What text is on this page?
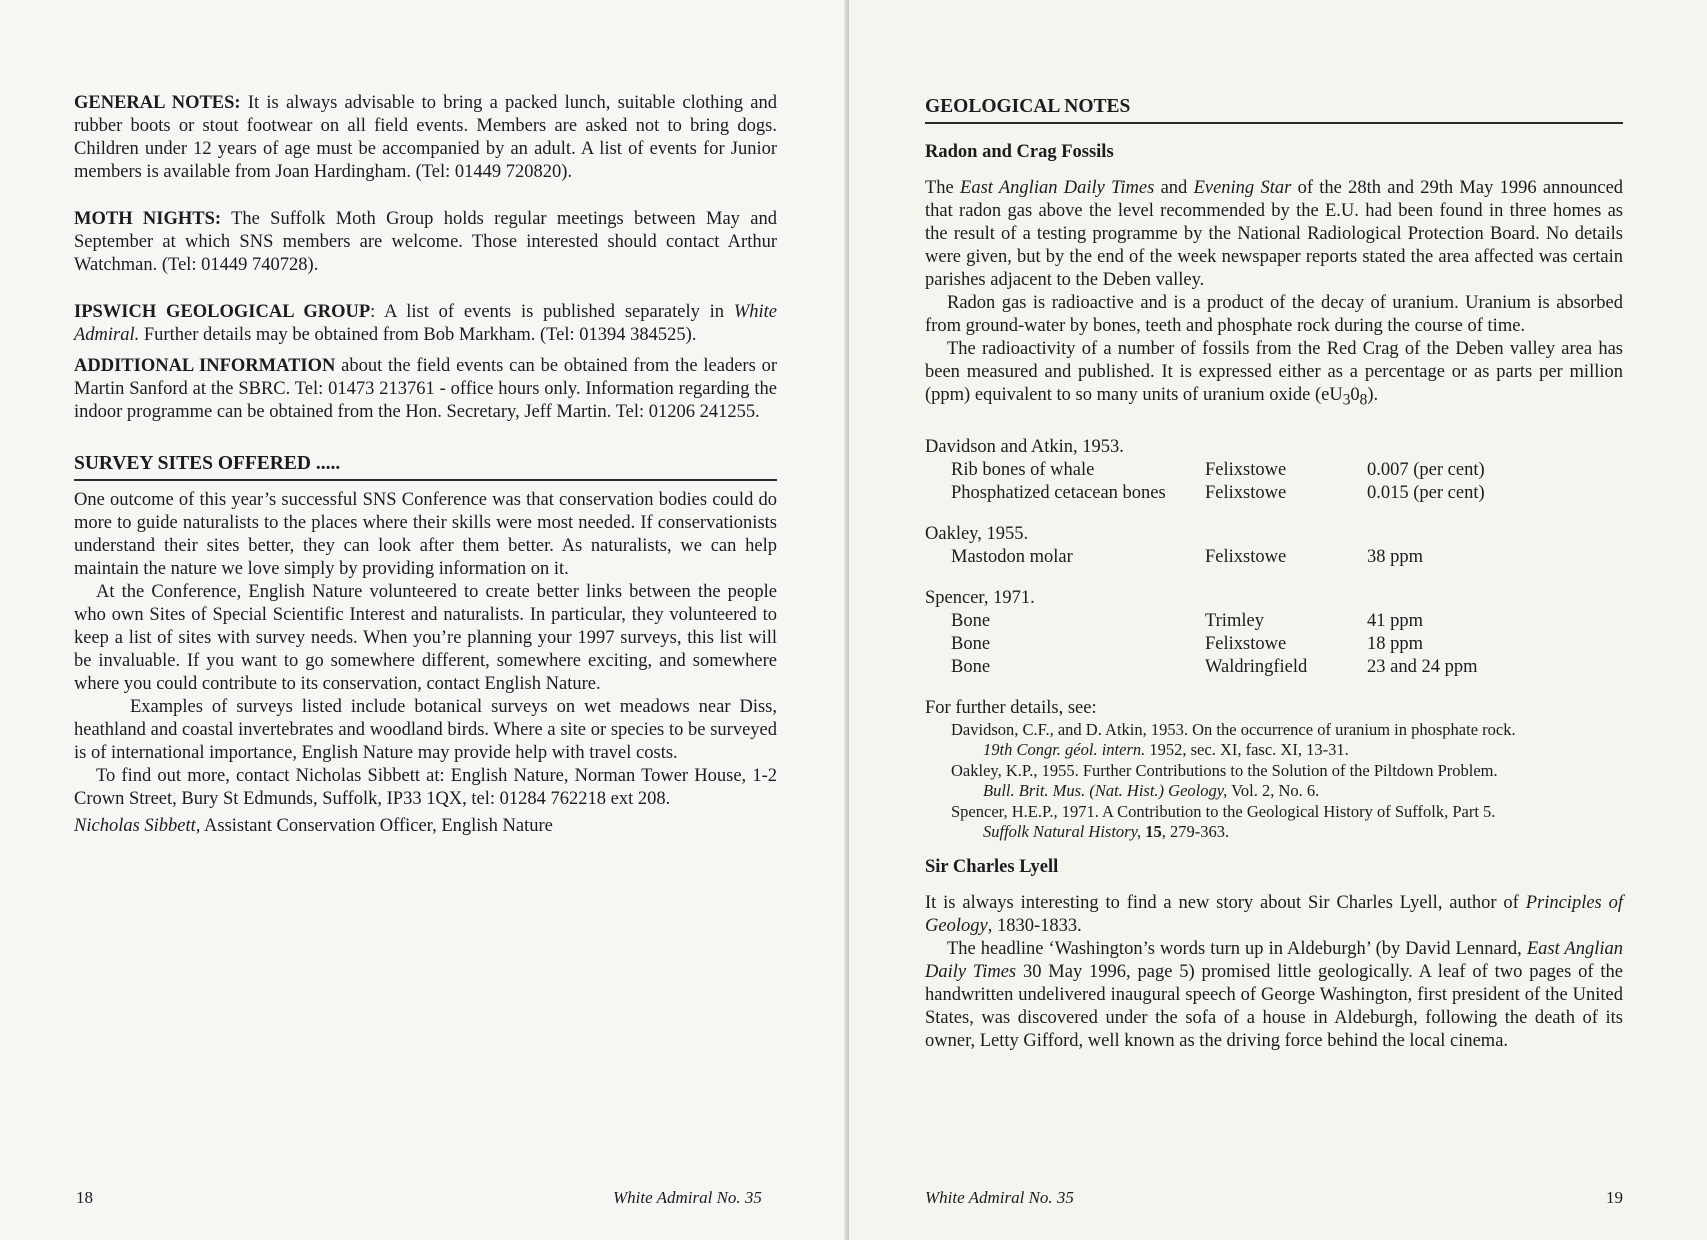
GENERAL NOTES: It is always advisable to bring a packed lunch, suitable clothing and rubber boots or stout footwear on all field events. Members are asked not to bring dogs. Children under 12 years of age must be accompanied by an adult. A list of events for Junior members is available from Joan Hardingham. (Tel: 01449 720820).

MOTH NIGHTS: The Suffolk Moth Group holds regular meetings between May and September at which SNS members are welcome. Those interested should contact Arthur Watchman. (Tel: 01449 740728).

IPSWICH GEOLOGICAL GROUP: A list of events is published separately in White Admiral. Further details may be obtained from Bob Markham. (Tel: 01394 384525).

ADDITIONAL INFORMATION about the field events can be obtained from the leaders or Martin Sanford at the SBRC. Tel: 01473 213761 - office hours only. Information regarding the indoor programme can be obtained from the Hon. Secretary, Jeff Martin. Tel: 01206 241255.

SURVEY SITES OFFERED .....

One outcome of this year’s successful SNS Conference was that conservation bodies could do more to guide naturalists to the places where their skills were most needed. If conservationists understand their sites better, they can look after them better. As naturalists, we can help maintain the nature we love simply by providing information on it.

At the Conference, English Nature volunteered to create better links between the people who own Sites of Special Scientific Interest and naturalists. In particular, they volunteered to keep a list of sites with survey needs. When you’re planning your 1997 surveys, this list will be invaluable. If you want to go somewhere different, somewhere exciting, and somewhere where you could contribute to its conservation, contact English Nature.

Examples of surveys listed include botanical surveys on wet meadows near Diss, heathland and coastal invertebrates and woodland birds. Where a site or species to be surveyed is of international importance, English Nature may provide help with travel costs.

To find out more, contact Nicholas Sibbett at: English Nature, Norman Tower House, 1-2 Crown Street, Bury St Edmunds, Suffolk, IP33 1QX, tel: 01284 762218 ext 208.

Nicholas Sibbett, Assistant Conservation Officer, English Nature

18	White Admiral No. 35
GEOLOGICAL NOTES
Radon and Crag Fossils

The East Anglian Daily Times and Evening Star of the 28th and 29th May 1996 announced that radon gas above the level recommended by the E.U. had been found in three homes as the result of a testing programme by the National Radiological Protection Board. No details were given, but by the end of the week newspaper reports stated the area affected was certain parishes adjacent to the Deben valley.

Radon gas is radioactive and is a product of the decay of uranium. Uranium is absorbed from ground-water by bones, teeth and phosphate rock during the course of time.

The radioactivity of a number of fossils from the Red Crag of the Deben valley area has been measured and published. It is expressed either as a percentage or as parts per million (ppm) equivalent to so many units of uranium oxide $(eU_30_8)$.

Davidson and Atkin, 1953.
Rib bones of whale	Felixstowe	0.007 (per cent)
Phosphatized cetacean bones	Felixstowe	0.015 (per cent)
Oakley, 1955.
Mastodon molar	Felixstowe	38 ppm
Spencer, 1971.
Bone	Trimley	41 ppm
Bone	Felixstowe	18 ppm
Bone	Waldringfield	23 and 24 ppm
For further details, see:
Davidson, C.F., and D. Atkin, 1953. On the occurrence of uranium in phosphate rock.
19th Congr. géol. intern. 1952, sec. XI, fasc. XI, 13-31.
Oakley, K.P., 1955. Further Contributions to the Solution of the Piltdown Problem.
Bull. Brit. Mus. (Nat. Hist.) Geology, Vol. 2, No. 6.
Spencer, H.E.P., 1971. A Contribution to the Geological History of Suffolk, Part 5.
Suffolk Natural History, 15, 279-363.
Sir Charles Lyell

It is always interesting to find a new story about Sir Charles Lyell, author of Principles of Geology, 1830-1833.

The headline ‘Washington’s words turn up in Aldeburgh’ (by David Lennard, East Anglian Daily Times 30 May 1996, page 5) promised little geologically. A leaf of two pages of the handwritten undelivered inaugural speech of George Washington, first president of the United States, was discovered under the sofa of a house in Aldeburgh, following the death of its owner, Letty Gifford, well known as the driving force behind the local cinema.

White Admiral No. 35	19
